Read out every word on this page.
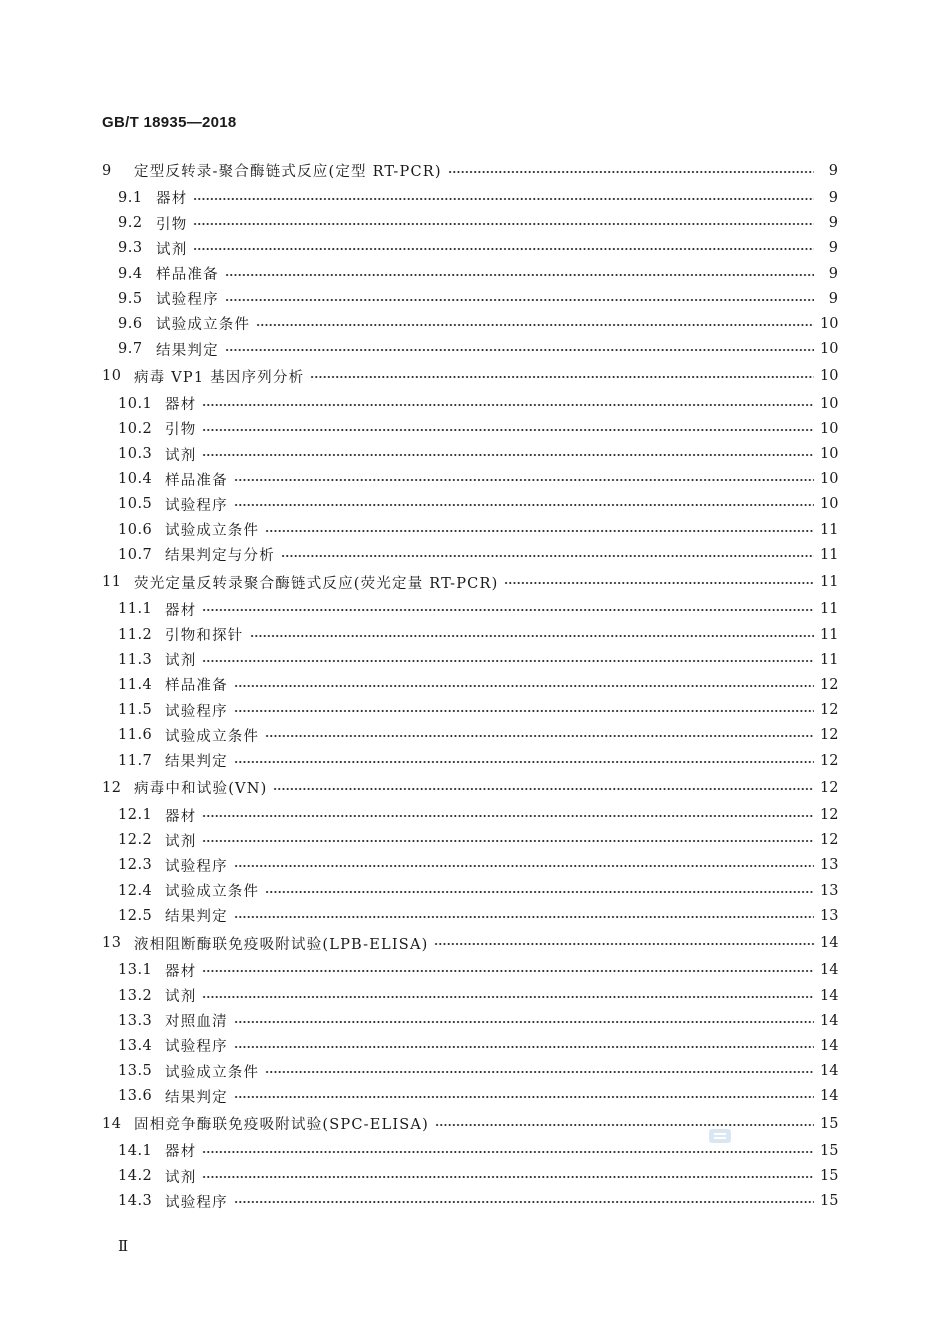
GB/T 18935—2018
9	定型反转录-聚合酶链式反应(定型 RT-PCR)	9
9.1 器材	9
9.2 引物	9
9.3 试剂	9
9.4 样品准备	9
9.5 试验程序	9
9.6 试验成立条件	10
9.7 结果判定	10
10 病毒 VP1 基因序列分析	10
10.1 器材	10
10.2 引物	10
10.3 试剂	10
10.4 样品准备	10
10.5 试验程序	10
10.6 试验成立条件	11
10.7 结果判定与分析	11
11 荧光定量反转录聚合酶链式反应(荧光定量 RT-PCR)	11
11.1 器材	11
11.2 引物和探针	11
11.3 试剂	11
11.4 样品准备	12
11.5 试验程序	12
11.6 试验成立条件	12
11.7 结果判定	12
12 病毒中和试验(VN)	12
12.1 器材	12
12.2 试剂	12
12.3 试验程序	13
12.4 试验成立条件	13
12.5 结果判定	13
13 液相阻断酶联免疫吸附试验(LPB-ELISA)	14
13.1 器材	14
13.2 试剂	14
13.3 对照血清	14
13.4 试验程序	14
13.5 试验成立条件	14
13.6 结果判定	14
14 固相竞争酶联免疫吸附试验(SPC-ELISA)	15
14.1 器材	15
14.2 试剂	15
14.3 试验程序	15
Ⅱ
